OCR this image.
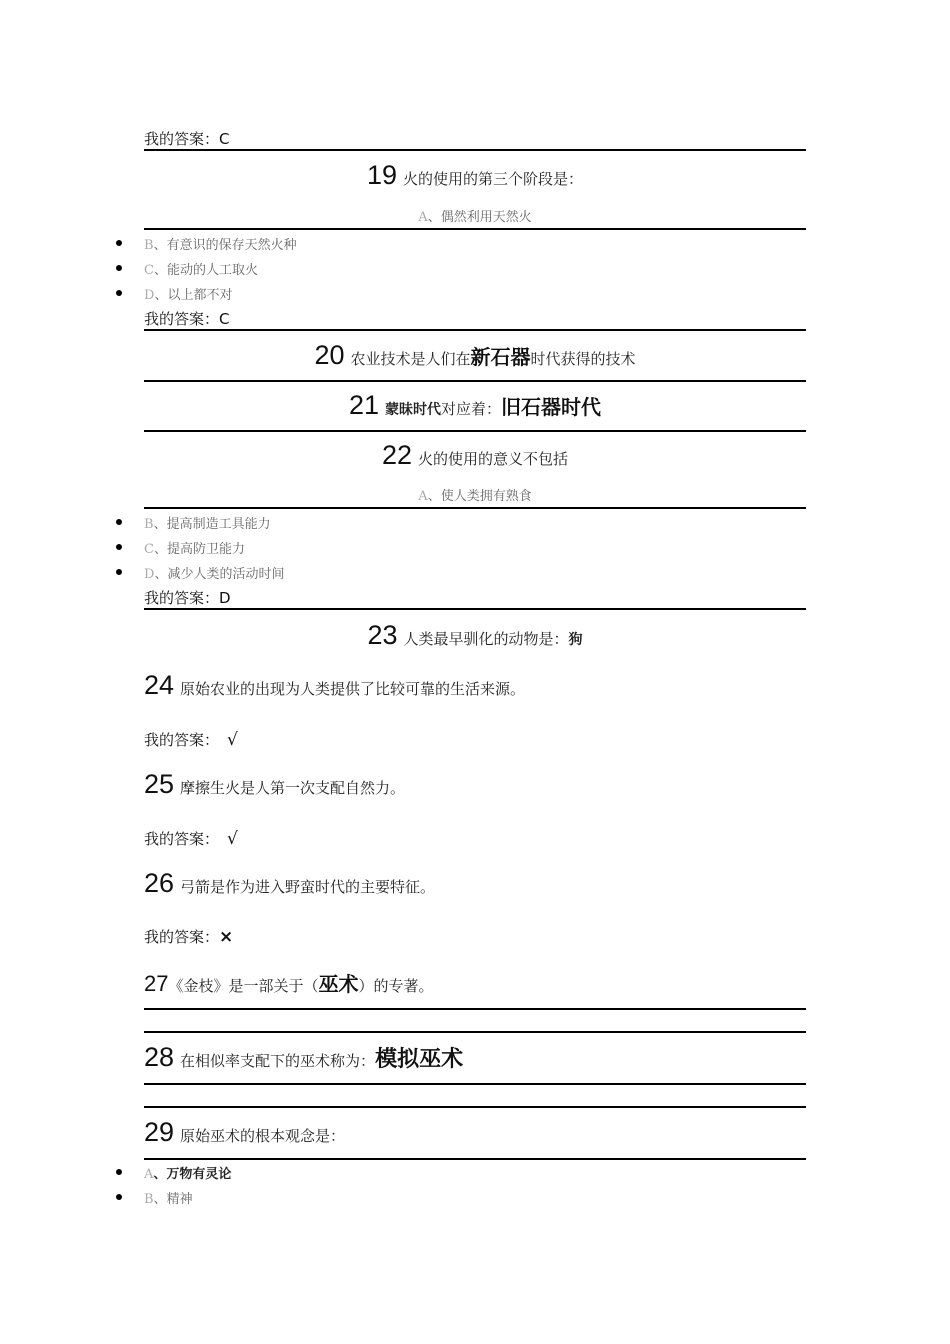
我的答案：C
19 火的使用的第三个阶段是：
A、偶然利用天然火
B、有意识的保存天然火种
C、能动的人工取火
D、以上都不对
我的答案：C
20 农业技术是人们在新石器时代获得的技术
21 蒙昧时代对应着：旧石器时代
22 火的使用的意义不包括
A、使人类拥有熟食
B、提高制造工具能力
C、提高防卫能力
D、减少人类的活动时间
我的答案：D
23 人类最早驯化的动物是：狗
24 原始农业的出现为人类提供了比较可靠的生活来源。
我的答案： √
25 摩擦生火是人第一次支配自然力。
我的答案： √
26 弓箭是作为进入野蛮时代的主要特征。
我的答案：×
27《金枝》是一部关于（巫术）的专著。
28 在相似率支配下的巫术称为：模拟巫术
29 原始巫术的根本观念是：
A、万物有灵论
B、精神
